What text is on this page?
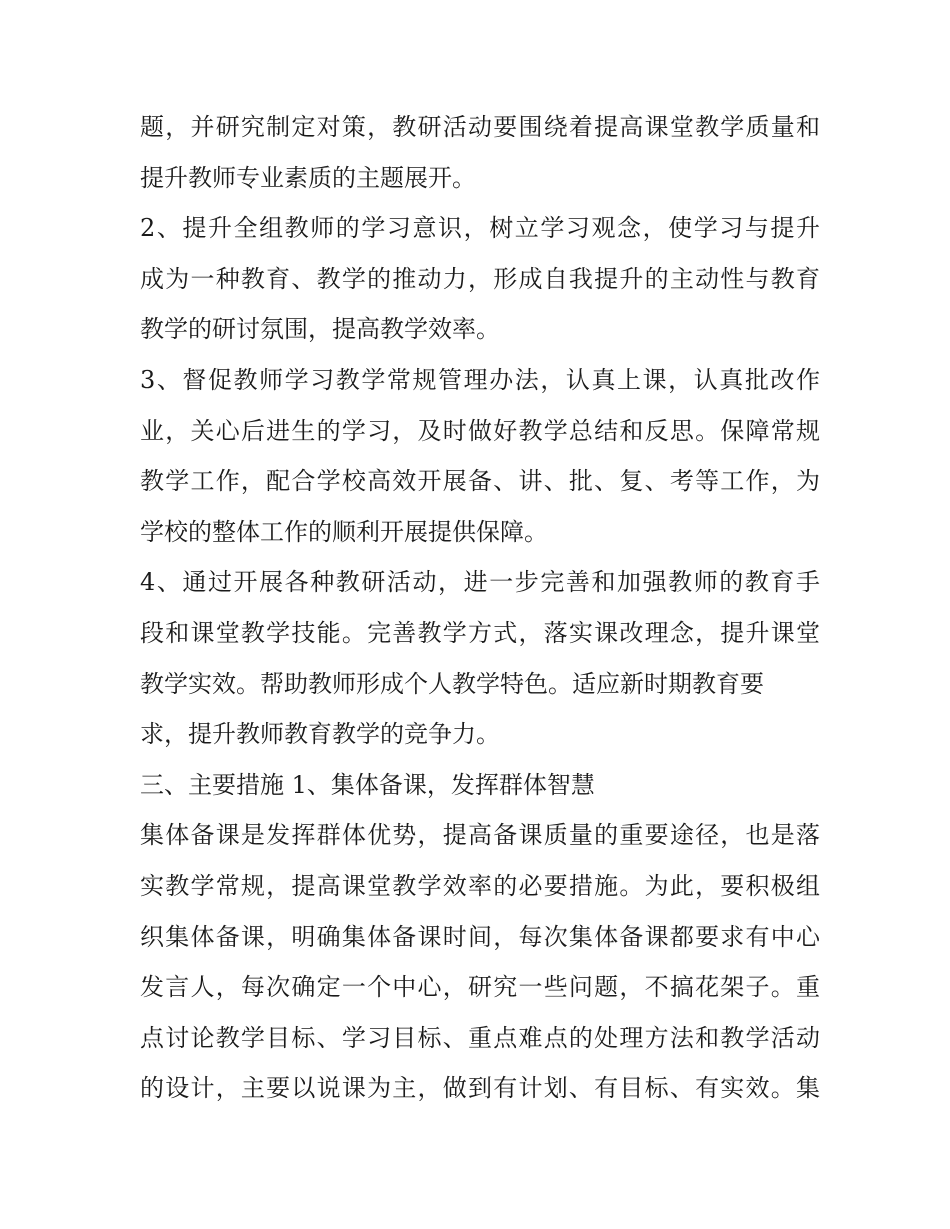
题，并研究制定对策，教研活动要围绕着提高课堂教学质量和
提升教师专业素质的主题展开。
2、提升全组教师的学习意识，树立学习观念，使学习与提升
成为一种教育、教学的推动力，形成自我提升的主动性与教育
教学的研讨氛围，提高教学效率。
3、督促教师学习教学常规管理办法，认真上课，认真批改作
业，关心后进生的学习，及时做好教学总结和反思。保障常规
教学工作，配合学校高效开展备、讲、批、复、考等工作，为
学校的整体工作的顺利开展提供保障。
4、通过开展各种教研活动，进一步完善和加强教师的教育手
段和课堂教学技能。完善教学方式，落实课改理念，提升课堂
教学实效。帮助教师形成个人教学特色。适应新时期教育要
求，提升教师教育教学的竞争力。
三、主要措施 1、集体备课，发挥群体智慧
集体备课是发挥群体优势，提高备课质量的重要途径，也是落
实教学常规，提高课堂教学效率的必要措施。为此，要积极组
织集体备课，明确集体备课时间，每次集体备课都要求有中心
发言人，每次确定一个中心，研究一些问题，不搞花架子。重
点讨论教学目标、学习目标、重点难点的处理方法和教学活动
的设计，主要以说课为主，做到有计划、有目标、有实效。集
